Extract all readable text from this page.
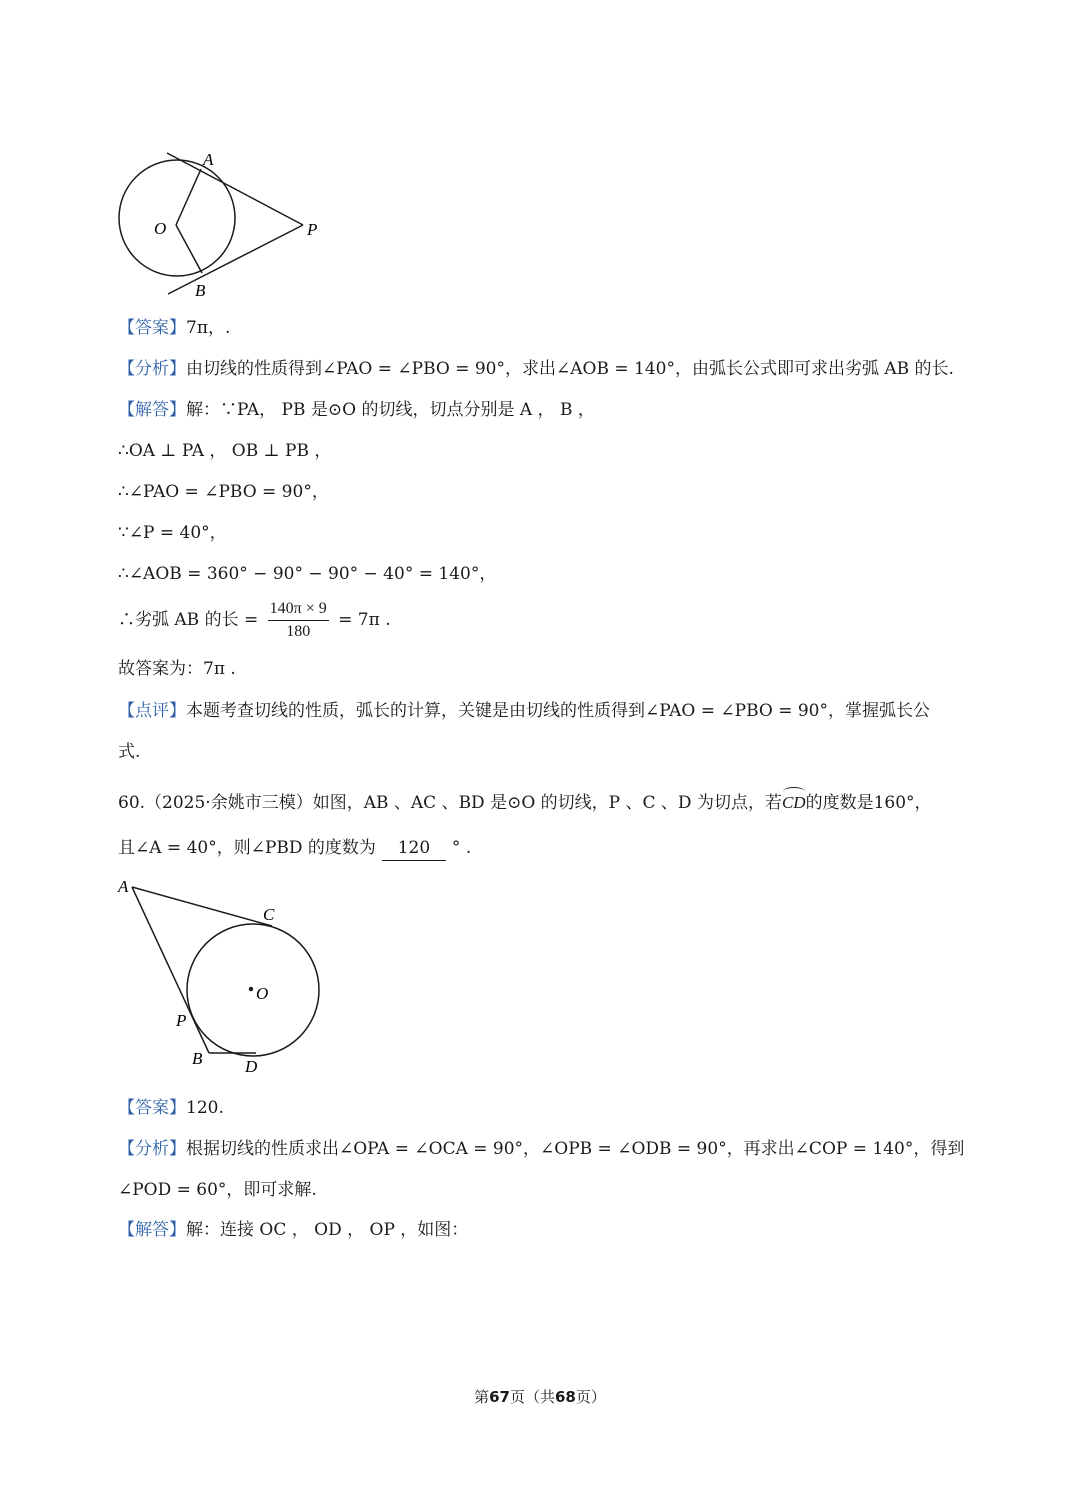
A
O	P
B
【答案】7π，.
【分析】由切线的性质得到∠PAO = ∠PBO = 90°，求出∠AOB = 140°，由弧长公式即可求出劣弧 AB 的长.
【解答】解：∵PA， PB 是⊙O 的切线，切点分别是 A ， B ，
∴OA ⊥ PA ， OB ⊥ PB ，
∴∠PAO = ∠PBO = 90°，
∵∠P = 40°，
∴∠AOB = 360° − 90° − 90° − 40° = 140°，
∴劣弧 AB 的长 = $\frac{140\pi \times 9}{180} = 7\pi$ .
故答案为：7π .
【点评】本题考查切线的性质，弧长的计算，关键是由切线的性质得到∠PAO = ∠PBO = 90°，掌握弧长公
式.
60.（2025·余姚市三模）如图，AB 、AC 、BD 是⊙O 的切线，P 、C 、D 为切点，若CD的度数是160°，
且∠A = 40°，则∠PBD 的度数为 120 ° .
A
C
O
P
B	D
【答案】120.
【分析】根据切线的性质求出∠OPA = ∠OCA = 90°，∠OPB = ∠ODB = 90°，再求出∠COP = 140°，得到
∠POD = 60°，即可求解.
【解答】解：连接 OC ， OD ， OP ，如图：
第67页（共68页）
